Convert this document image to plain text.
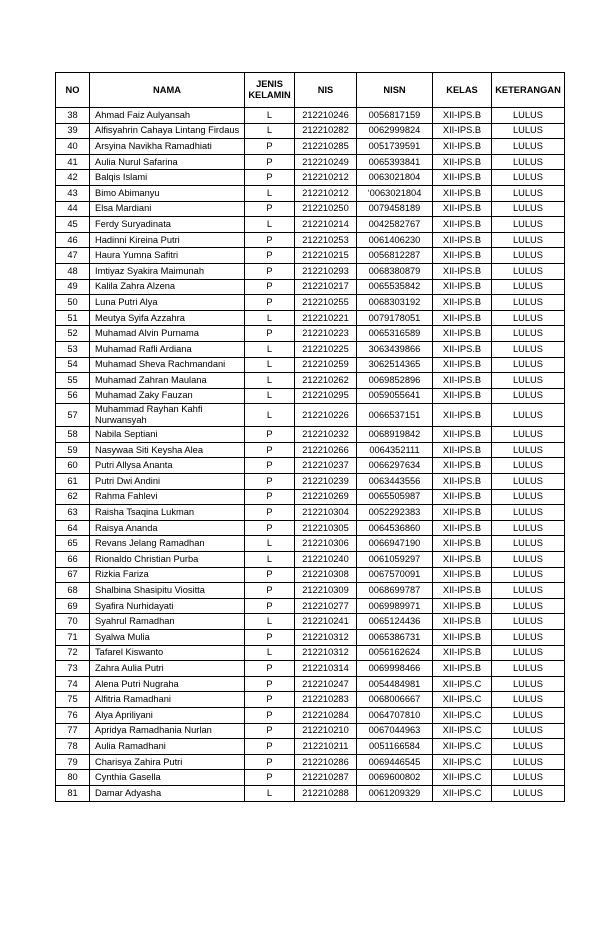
NO	NAMA	JENIS KELAMIN	NIS	NISN	KELAS	KETERANGAN
38	Ahmad Faiz Aulyansah	L	212210246	0056817159	XII-IPS.B	LULUS
39	Alfisyahrin Cahaya Lintang Firdaus	L	212210282	0062999824	XII-IPS.B	LULUS
40	Arsyina Navikha Ramadhiati	P	212210285	0051739591	XII-IPS.B	LULUS
41	Aulia Nurul Safarina	P	212210249	0065393841	XII-IPS.B	LULUS
42	Balqis Islami	P	212210212	0063021804	XII-IPS.B	LULUS
43	Bimo Abimanyu	L	212210212	‘0063021804	XII-IPS.B	LULUS
44	Elsa Mardiani	P	212210250	0079458189	XII-IPS.B	LULUS
45	Ferdy Suryadinata	L	212210214	0042582767	XII-IPS.B	LULUS
46	Hadinni Kireina Putri	P	212210253	0061406230	XII-IPS.B	LULUS
47	Haura Yumna Safitri	P	212210215	0056812287	XII-IPS.B	LULUS
48	Imtiyaz Syakira Maimunah	P	212210293	0068380879	XII-IPS.B	LULUS
49	Kalila Zahra Alzena	P	212210217	0065535842	XII-IPS.B	LULUS
50	Luna Putri Alya	P	212210255	0068303192	XII-IPS.B	LULUS
51	Meutya Syifa Azzahra	L	212210221	0079178051	XII-IPS.B	LULUS
52	Muhamad Alvin Purnama	P	212210223	0065316589	XII-IPS.B	LULUS
53	Muhamad Rafli Ardiana	L	212210225	3063439866	XII-IPS.B	LULUS
54	Muhamad Sheva Rachmandani	L	212210259	3062514365	XII-IPS.B	LULUS
55	Muhamad Zahran Maulana	L	212210262	0069852896	XII-IPS.B	LULUS
56	Muhamad Zaky Fauzan	L	212210295	0059055641	XII-IPS.B	LULUS
57	Muhammad Rayhan Kahfi Nurwansyah	L	212210226	0066537151	XII-IPS.B	LULUS
58	Nabila Septiani	P	212210232	0068919842	XII-IPS.B	LULUS
59	Nasywaa Siti Keysha Alea	P	212210266	0064352111	XII-IPS.B	LULUS
60	Putri Allysa Ananta	P	212210237	0066297634	XII-IPS.B	LULUS
61	Putri Dwi Andini	P	212210239	0063443556	XII-IPS.B	LULUS
62	Rahma Fahlevi	P	212210269	0065505987	XII-IPS.B	LULUS
63	Raisha Tsaqina Lukman	P	212210304	0052292383	XII-IPS.B	LULUS
64	Raisya Ananda	P	212210305	0064536860	XII-IPS.B	LULUS
65	Revans Jelang Ramadhan	L	212210306	0066947190	XII-IPS.B	LULUS
66	Rionaldo Christian Purba	L	212210240	0061059297	XII-IPS.B	LULUS
67	Rizkia Fariza	P	212210308	0067570091	XII-IPS.B	LULUS
68	Shalbina Shasipitu Viositta	P	212210309	0068699787	XII-IPS.B	LULUS
69	Syafira Nurhidayati	P	212210277	0069989971	XII-IPS.B	LULUS
70	Syahrul Ramadhan	L	212210241	0065124436	XII-IPS.B	LULUS
71	Syalwa Mulia	P	212210312	0065386731	XII-IPS.B	LULUS
72	Tafarel Kiswanto	L	212210312	0056162624	XII-IPS.B	LULUS
73	Zahra Aulia Putri	P	212210314	0069998466	XII-IPS.B	LULUS
74	Alena Putri Nugraha	P	212210247	0054484981	XII-IPS.C	LULUS
75	Alfitria Ramadhani	P	212210283	0068006667	XII-IPS.C	LULUS
76	Alya Apriliyani	P	212210284	0064707810	XII-IPS.C	LULUS
77	Apridya Ramadhania Nurlan	P	212210210	0067044963	XII-IPS.C	LULUS
78	Aulia Ramadhani	P	212210211	0051166584	XII-IPS.C	LULUS
79	Charisya Zahira Putri	P	212210286	0069446545	XII-IPS.C	LULUS
80	Cynthia Gasella	P	212210287	0069600802	XII-IPS.C	LULUS
81	Damar Adyasha	L	212210288	0061209329	XII-IPS.C	LULUS
